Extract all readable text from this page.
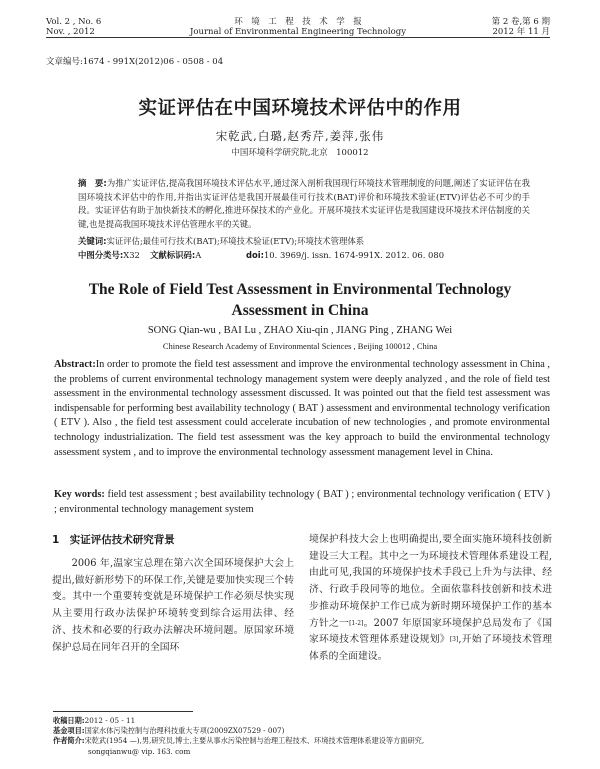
Vol. 2 , No. 6	环　境　工　程　技　术　学　报	第 2 卷,第 6 期
Nov. , 2012	Journal of Environmental Engineering Technology	2012 年 11 月
文章编号:1674 - 991X(2012)06 - 0508 - 04
实证评估在中国环境技术评估中的作用
宋乾武,白璐,赵秀芹,姜萍,张伟
中国环境科学研究院,北京　100012
摘　要:为推广实证评估,提高我国环境技术评估水平,通过深入剖析我国现行环境技术管理制度的问题,阐述了实证评估在我国环境技术评估中的作用,并指出实证评估是我国开展最佳可行技术(BAT)评价和环境技术验证(ETV)评估必不可少的手段。实证评估有助于加快新技术的孵化,推进环保技术的产业化。开展环境技术实证评估是我国建设环境技术评估制度的关键,也是提高我国环境技术评估管理水平的关键。
关键词:实证评估;最佳可行技术(BAT);环境技术验证(ETV);环境技术管理体系
中图分类号:X32 文献标识码:A	doi:10. 3969/j. issn. 1674-991X. 2012. 06. 080
The Role of Field Test Assessment in Environmental Technology Assessment in China
SONG Qian-wu , BAI Lu , ZHAO Xiu-qin , JIANG Ping , ZHANG Wei
Chinese Research Academy of Environmental Sciences , Beijing 100012 , China
Abstract:In order to promote the field test assessment and improve the environmental technology assessment in China , the problems of current environmental technology management system were deeply analyzed , and the role of field test assessment in the environmental technology assessment discussed. It was pointed out that the field test assessment was indispensable for performing best availability technology ( BAT ) assessment and environmental technology verification ( ETV ). Also , the field test assessment could accelerate incubation of new technologies , and promote environmental technology industrialization. The field test assessment was the key approach to build the environmental technology assessment system , and to improve the environmental technology assessment management level in China.
Key words: field test assessment ; best availability technology ( BAT ) ; environmental technology verification ( ETV ) ; environmental technology management system
1　实证评估技术研究背景

2006 年,温家宝总理在第六次全国环境保护大会上提出,做好新形势下的环保工作,关键是要加快实现三个转变。其中一个重要转变就是环境保护工作必须尽快实现从主要用行政办法保护环境转变到综合运用法律、经济、技术和必要的行政办法解决环境问题。原国家环境保护总局在同年召开的全国环

境保护科技大会上也明确提出,要全面实施环境科技创新建设三大工程。其中之一为环境技术管理体系建设工程,由此可见,我国的环境保护技术手段已上升为与法律、经济、行政手段同等的地位。全面依靠科技创新和技术进步推动环境保护工作已成为新时期环境保护工作的基本方针之一[1-2]。2007 年原国家环境保护总局发布了《国家环境技术管理体系建设规划》[3],开始了环境技术管理体系的全面建设。

收稿日期:2012 - 05 - 11
基金项目:国家水体污染控制与治理科技重大专项(2009ZX07529 - 007)
作者简介:宋乾武(1954 —),男,研究员,博士,主要从事水污染控制与治理工程技术、环境技术管理体系建设等方面研究,
songqianwu@ vip. 163. com
